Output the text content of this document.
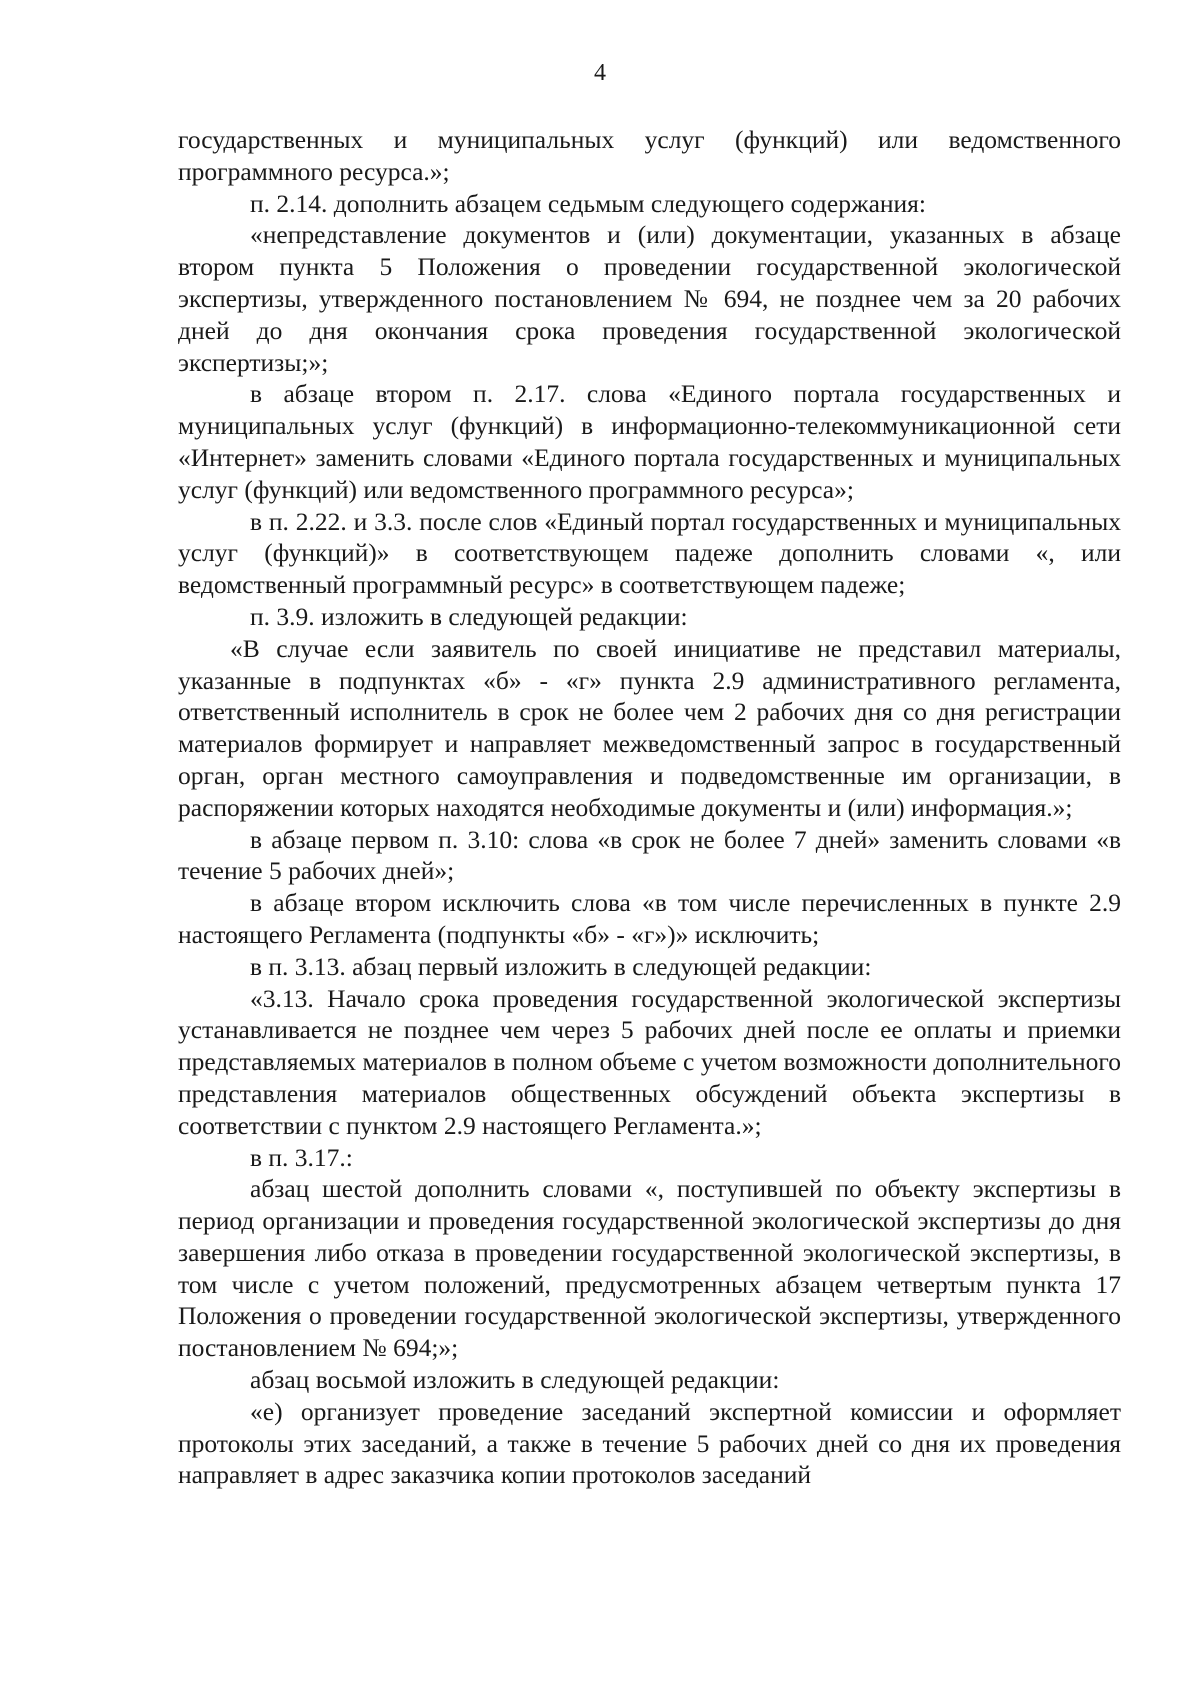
4

государственных и муниципальных услуг (функций) или ведомственного программного ресурса.»;

п. 2.14. дополнить абзацем седьмым следующего содержания:

«непредставление документов и (или) документации, указанных в абзаце втором пункта 5 Положения о проведении государственной экологической экспертизы, утвержденного постановлением № 694, не позднее чем за 20 рабочих дней до дня окончания срока проведения государственной экологической экспертизы;»;

в абзаце втором п. 2.17. слова «Единого портала государственных и муниципальных услуг (функций) в информационно-телекоммуникационной сети «Интернет» заменить словами «Единого портала государственных и муниципальных услуг (функций) или ведомственного программного ресурса»;

в п. 2.22. и 3.3. после слов «Единый портал государственных и муниципальных услуг (функций)» в соответствующем падеже дополнить словами «, или ведомственный программный ресурс» в соответствующем падеже;

п. 3.9. изложить в следующей редакции:

«В случае если заявитель по своей инициативе не представил материалы, указанные в подпунктах «б» - «г» пункта 2.9 административного регламента, ответственный исполнитель в срок не более чем 2 рабочих дня со дня регистрации материалов формирует и направляет межведомственный запрос в государственный орган, орган местного самоуправления и подведомственные им организации, в распоряжении которых находятся необходимые документы и (или) информация.»;

в абзаце первом п. 3.10: слова «в срок не более 7 дней» заменить словами «в течение 5 рабочих дней»;

в абзаце втором исключить слова «в том числе перечисленных в пункте 2.9 настоящего Регламента (подпункты «б» - «г»)» исключить;

в п. 3.13. абзац первый изложить в следующей редакции:

«3.13. Начало срока проведения государственной экологической экспертизы устанавливается не позднее чем через 5 рабочих дней после ее оплаты и приемки представляемых материалов в полном объеме с учетом возможности дополнительного представления материалов общественных обсуждений объекта экспертизы в соответствии с пунктом 2.9 настоящего Регламента.»;

в п. 3.17.:

абзац шестой дополнить словами «, поступившей по объекту экспертизы в период организации и проведения государственной экологической экспертизы до дня завершения либо отказа в проведении государственной экологической экспертизы, в том числе с учетом положений, предусмотренных абзацем четвертым пункта 17 Положения о проведении государственной экологической экспертизы, утвержденного постановлением № 694;»;

абзац восьмой изложить в следующей редакции:

«е) организует проведение заседаний экспертной комиссии и оформляет протоколы этих заседаний, а также в течение 5 рабочих дней со дня их проведения направляет в адрес заказчика копии протоколов заседаний
